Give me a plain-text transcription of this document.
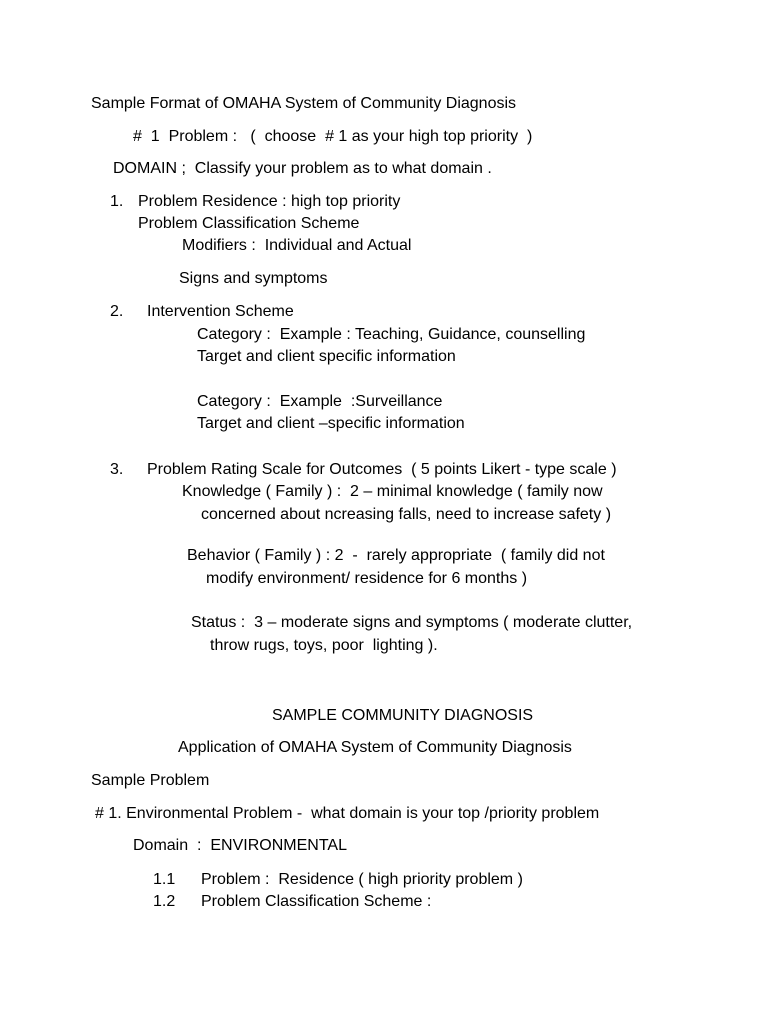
Sample Format of OMAHA System of Community Diagnosis

#  1  Problem :   (  choose  # 1 as your high top priority  )

DOMAIN ;  Classify your problem as to what domain .

1. Problem Residence : high top priority

Problem Classification Scheme

Modifiers :  Individual and Actual

Signs and symptoms

2. Intervention Scheme

Category :  Example : Teaching, Guidance, counselling

Target and client specific information

Category :  Example  :Surveillance

Target and client –specific information

3. Problem Rating Scale for Outcomes  ( 5 points Likert - type scale )

Knowledge ( Family ) :  2 – minimal knowledge ( family now

concerned about ncreasing falls, need to increase safety )

Behavior ( Family ) : 2  -  rarely appropriate  ( family did not

modify environment/ residence for 6 months )

Status :  3 – moderate signs and symptoms ( moderate clutter,

throw rugs, toys, poor  lighting ).

SAMPLE COMMUNITY DIAGNOSIS

Application of OMAHA System of Community Diagnosis

Sample Problem

# 1. Environmental Problem -  what domain is your top /priority problem

Domain  :  ENVIRONMENTAL

1.1 Problem :  Residence ( high priority problem )

1.2 Problem Classification Scheme :
